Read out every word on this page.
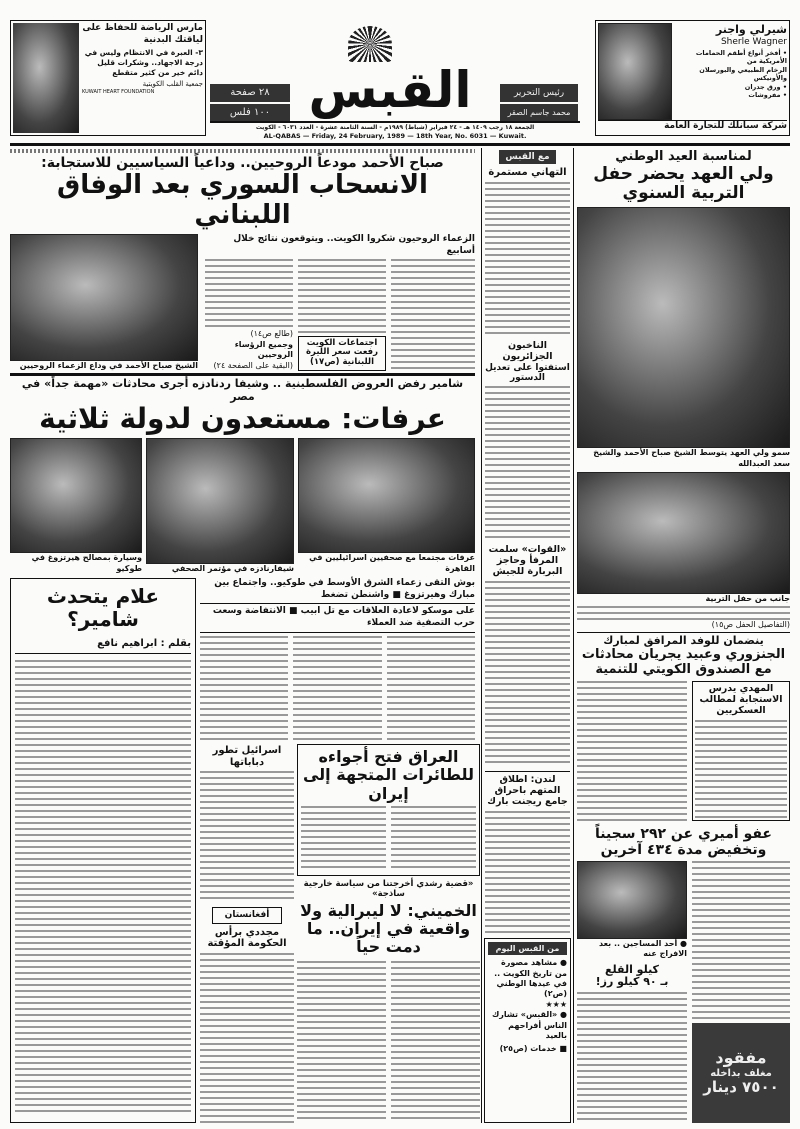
مارس الرياضة للحفاظ على لياقتك البدنية
٣- العبرة في الانتظام وليس في درجة الاجهاد.. وشكرات قليل دائم خير من كثير متقطع
جمعية القلب الكويتية
KUWAIT HEART FOUNDATION	٢٨ صفحة
١٠٠ فلس القبس	رئيس التحرير
محمد جاسم الصقر
الجمعة ١٨ رجب ١٤٠٩ هـ - ٢٤ فبراير (شباط) ١٩٨٩م - السنة الثامنة عشرة - العدد ٦٠٣١ - الكويت
AL-QABAS — Friday, 24 February, 1989 — 18th Year, No. 6031 — Kuwait.
شيرلي واجنر
Sherle Wagner
• أفخر أنواع أطقم الحمامات الأمريكية من
الرخام الطبيعي والبورسلان والأونيكس
• ورق جدران
• مفروشات
شركة سبانلك للتجارة العامة
صباح الأحمد مودعاً الروحيين.. وداعياً السياسيين للاستجابة:
الانسحاب السوري بعد الوفاق اللبناني
الزعماء الروحيون شكروا الكويت.. ويتوقعون نتائج خلال أسابيع
اجتماعات الكويت رفعت سعر الليرة اللبنانية (ص١٧)
(طالع ص١٤)
وجميع الرؤساء الروحيين
(البقية على الصفحة ٢٤)
الشيخ صباح الأحمد في وداع الزعماء الروحيين
شامير رفض العروض الفلسطينية .. وشيفا ردنادزه أجرى محادثات «مهمة جداً» في مصر
عرفات: مستعدون لدولة ثلاثية
عرفات مجتمعا مع صحفيين اسرائيليين في القاهرة
شيفارنادزه في مؤتمر الصحفي
وسيارة بمصالح هيرتزوغ في طوكيو
بوش التقى زعماء الشرق الأوسط في طوكيو.. واجتماع بين مبارك وهيرتزوغ ■ واشنطن تضغط
على موسكو لاعادة العلاقات مع تل ابيب ■ الانتفاضة وسعت حرب التصفية ضد العملاء
علام يتحدث شامير؟
بقلم : ابراهيم نافع
اسرائيل تطور دباباتها
أفغانستان
مجددي برأس الحكومة المؤقتة
العراق فتح أجواءه للطائرات المتجهة إلى إيران
«قضية رشدي أخرجتنا من سياسة خارجية ساذجة»
الخميني: لا ليبرالية ولا واقعية في إيران.. ما دمت حياً
مع القبس
التهاني مستمرة
الناخبون الجزائريون
استفتوا على تعديل الدستور
«القوات» سلمت المرفأ وحاجز البربارة للجيش
لندن: اطلاق المتهم باحراق جامع ريجنت بارك
من القبس اليوم
● مشاهد مصورة من تاريخ الكويت .. في عيدها الوطني (ص٢)
★★★
● «القبس» تشارك الناس أفراحهم بالعيد
■ خدمات (ص٢٥)
لمناسبة العيد الوطني
ولي العهد يحضر حفل التربية السنوي
سمو ولي العهد يتوسط الشيخ صباح الأحمد والشيخ سعد العبدالله
جانب من حفل التربية
(التفاصيل الحفل ص١٥)
ينضمان للوفد المرافق لمبارك
الجنزوري وعبيد يجريان محادثات مع الصندوق الكويتي للتنمية
المهدي يدرس الاستجابة لمطالب العسكريين
عفو أميري عن ٢٩٢ سجيناً وتخفيض مدة ٤٣٤ آخرين
مفقود
مغلف بداخله
٧٥٠٠ دينار
● أحد المساجين .. بعد الافراج عنه
كيلو القلع
بـ ٩٠ كيلو رز!
